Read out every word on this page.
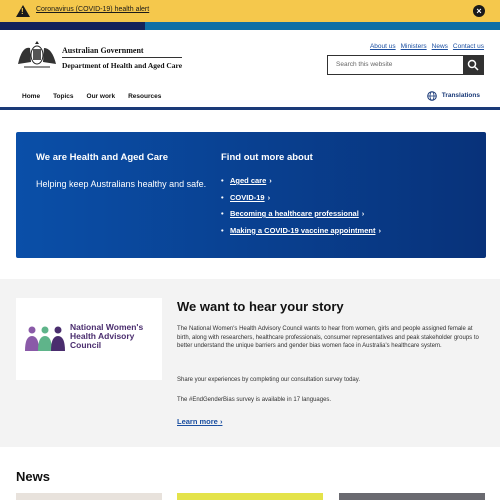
! Coronavirus (COVID-19) health alert	×
Australian Government
Department of Health and Aged Care
About us Ministers News Contact us
Search this website
Home Topics Our work Resources	Translations
We are Health and Aged Care
Helping keep Australians healthy and safe.
Find out more about
• Aged care ›
• COVID-19 ›
• Becoming a healthcare professional ›
• Making a COVID-19 vaccine appointment ›
National Women's Health Advisory Council
We want to hear your story

The National Women's Health Advisory Council wants to hear from women, girls and people assigned female at birth, along with researchers, healthcare professionals, consumer representatives and peak stakeholder groups to better understand the unique barriers and gender bias women face in Australia's healthcare system.

Share your experiences by completing our consultation survey today.

The #EndGenderBias survey is available in 17 languages.

Learn more ›
News
